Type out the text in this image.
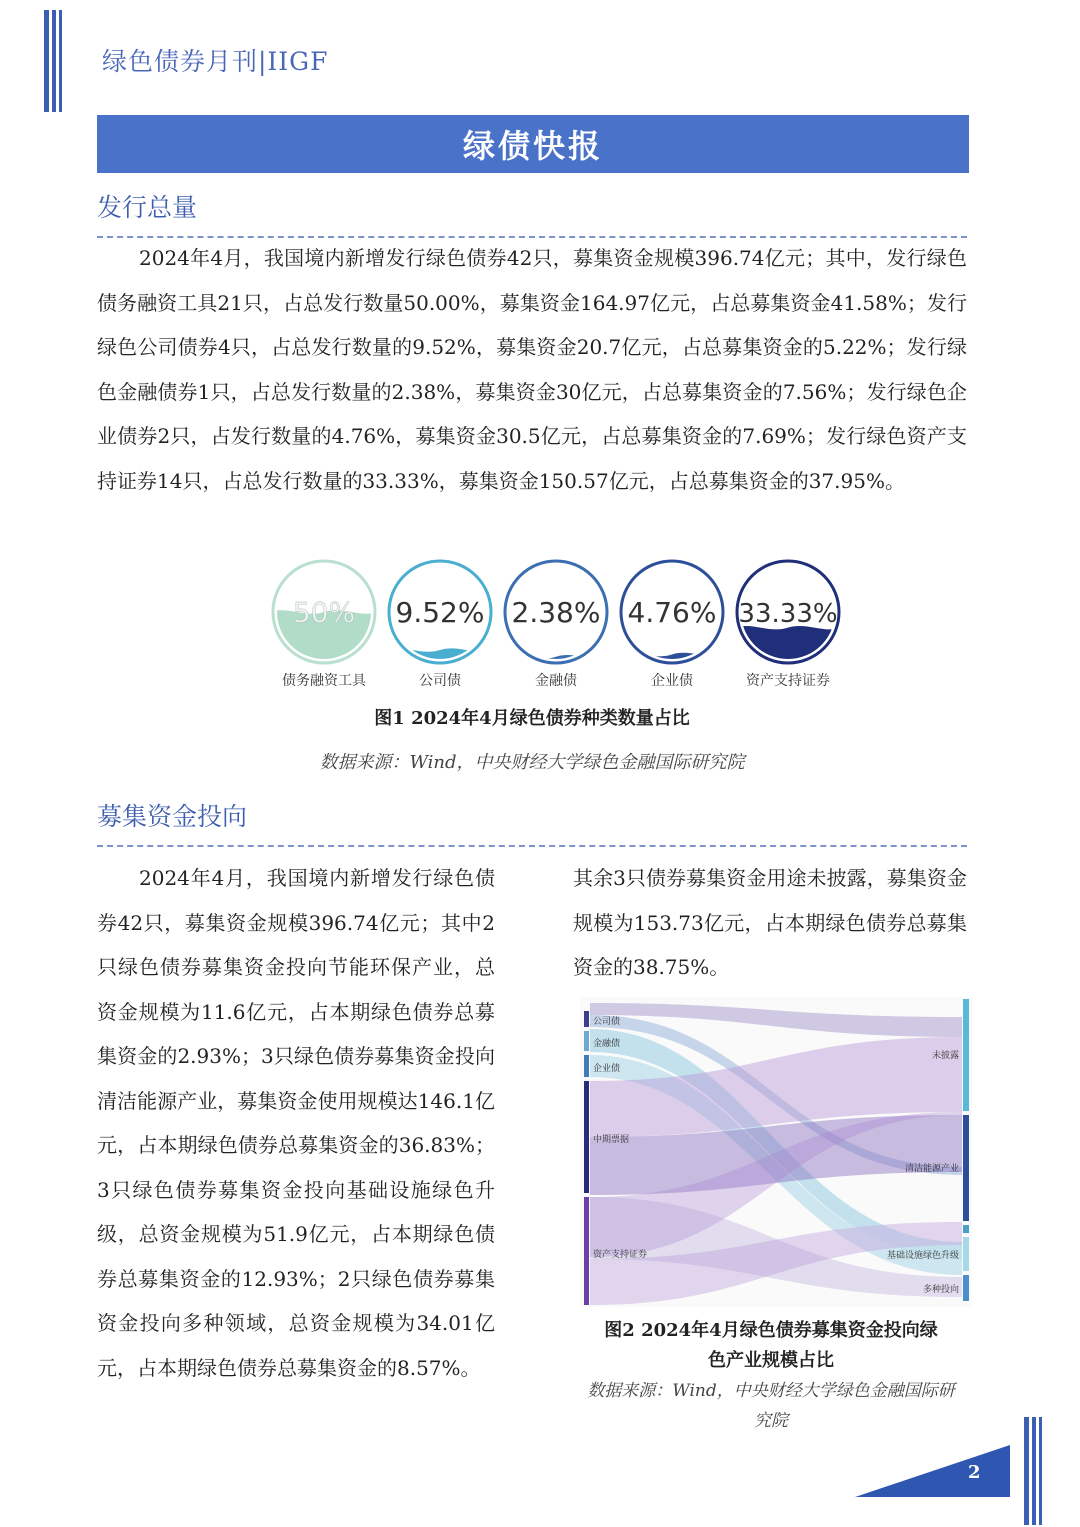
绿色债券月刊|IIGF
绿债快报
发行总量

2024年4月，我国境内新增发行绿色债券42只，募集资金规模396.74亿元；其中，发行绿色债务融资工具21只，占总发行数量50.00%，募集资金164.97亿元，占总募集资金41.58%；发行绿色公司债券4只，占总发行数量的9.52%，募集资金20.7亿元，占总募集资金的5.22%；发行绿色金融债券1只，占总发行数量的2.38%，募集资金30亿元，占总募集资金的7.56%；发行绿色企业债券2只，占发行数量的4.76%，募集资金30.5亿元，占总募集资金的7.69%；发行绿色资产支持证券14只，占总发行数量的33.33%，募集资金150.57亿元，占总募集资金的37.95%。

50%
债务融资工具
9.52%
公司债
2.38%
金融债
4.76%
企业债
33.33%
资产支持证券
图1 2024年4月绿色债券种类数量占比
数据来源：Wind，中央财经大学绿色金融国际研究院
募集资金投向

2024年4月，我国境内新增发行绿色债券42只，募集资金规模396.74亿元；其中2只绿色债券募集资金投向节能环保产业，总资金规模为11.6亿元，占本期绿色债券总募集资金的2.93%；3只绿色债券募集资金投向清洁能源产业，募集资金使用规模达146.1亿元，占本期绿色债券总募集资金的36.83%；3只绿色债券募集资金投向基础设施绿色升级，总资金规模为51.9亿元，占本期绿色债券总募集资金的12.93%；2只绿色债券募集资金投向多种领域，总资金规模为34.01亿元，占本期绿色债券总募集资金的8.57%。

其余3只债券募集资金用途未披露，募集资金规模为153.73亿元，占本期绿色债券总募集资金的38.75%。

公司债
金融债
企业债
中期票据
资产支持证券
未披露
清洁能源产业
基础设施绿色升级
多种投向
图2 2024年4月绿色债券募集资金投向绿
色产业规模占比
数据来源：Wind，中央财经大学绿色金融国际研
究院
2
